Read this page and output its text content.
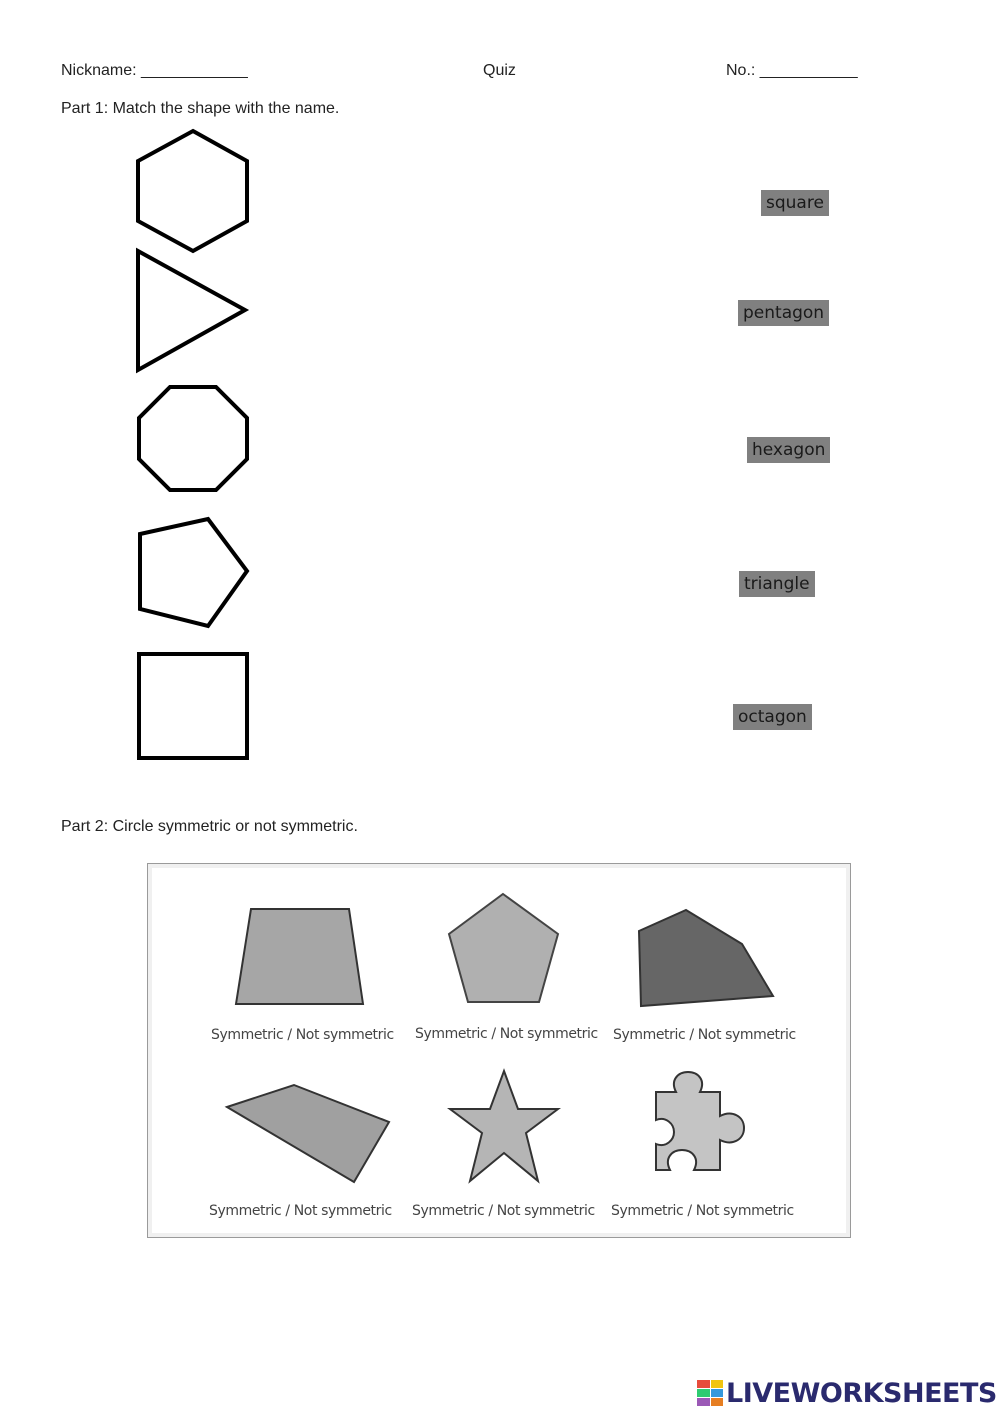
Nickname: ____________	Quiz	No.: ___________
Part 1: Match the shape with the name.
square
pentagon
hexagon
triangle
octagon
Part 2: Circle symmetric or not symmetric.
Symmetric / Not symmetric Symmetric / Not symmetric Symmetric / Not symmetric
Symmetric / Not symmetric Symmetric / Not symmetric Symmetric / Not symmetric
LIVEWORKSHEETS
